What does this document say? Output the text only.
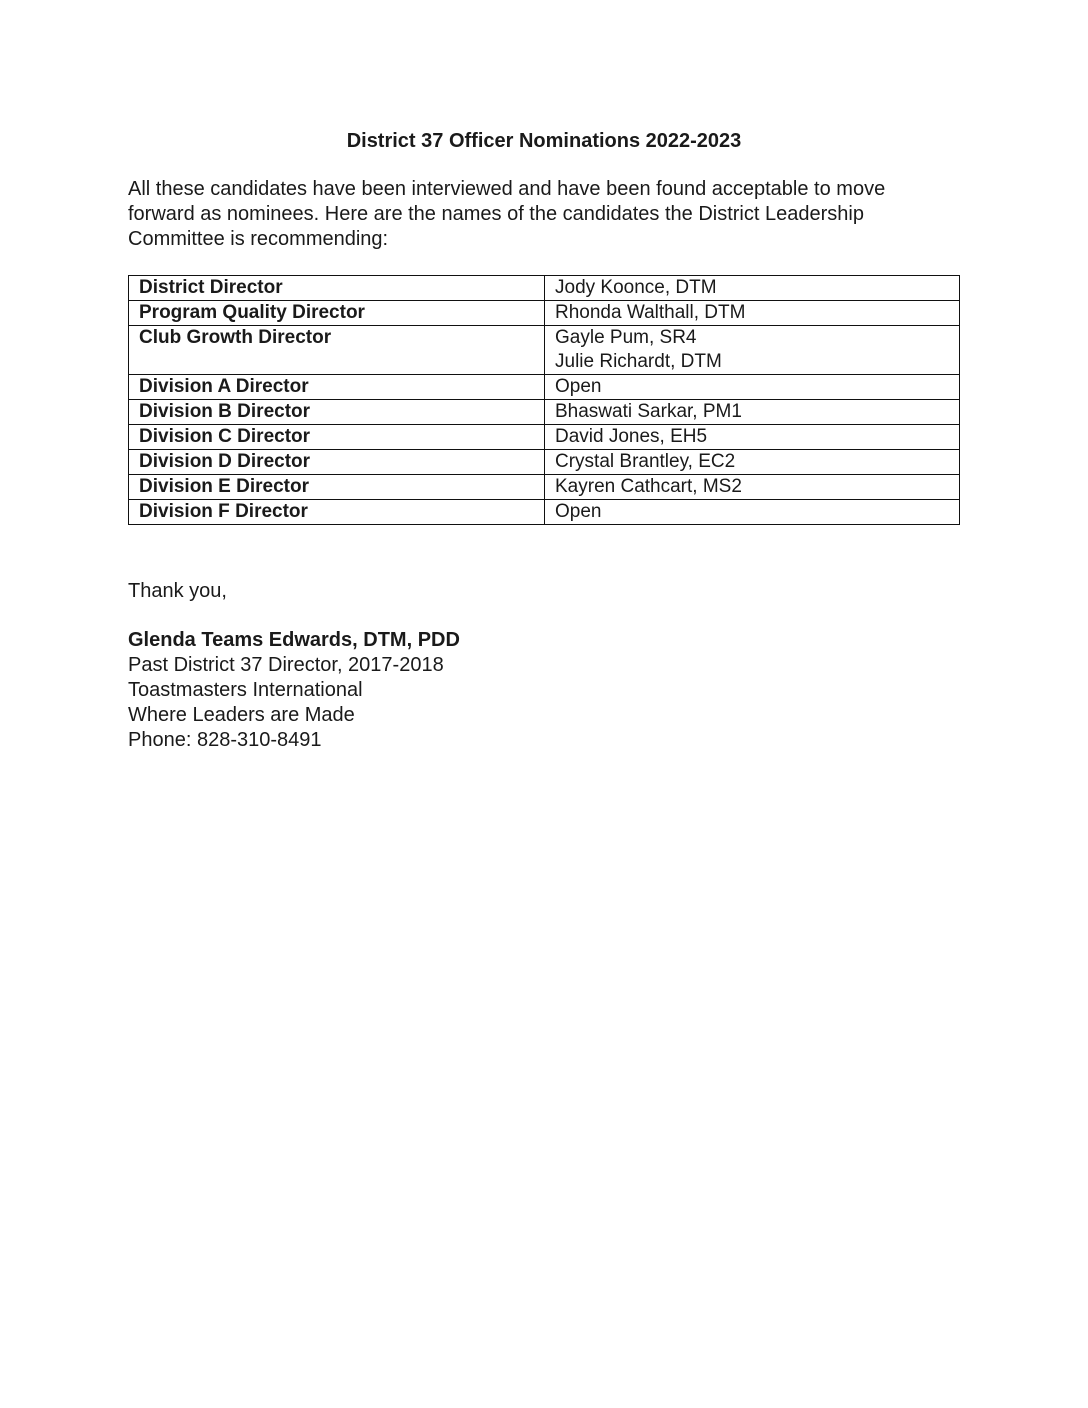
District 37 Officer Nominations 2022-2023

All these candidates have been interviewed and have been found acceptable to move
forward as nominees. Here are the names of the candidates the District Leadership
Committee is recommending:

District Director	Jody Koonce, DTM

Program Quality Director	Rhonda Walthall, DTM

Club Growth Director	Gayle Pum, SR4
Julie Richardt, DTM

Division A Director	Open

Division B Director	Bhaswati Sarkar, PM1

Division C Director	David Jones, EH5

Division D Director	Crystal Brantley, EC2

Division E Director	Kayren Cathcart, MS2

Division F Director	Open
Thank you,
Glenda Teams Edwards, DTM, PDD
Past District 37 Director, 2017-2018
Toastmasters International
Where Leaders are Made
Phone: 828-310-8491
